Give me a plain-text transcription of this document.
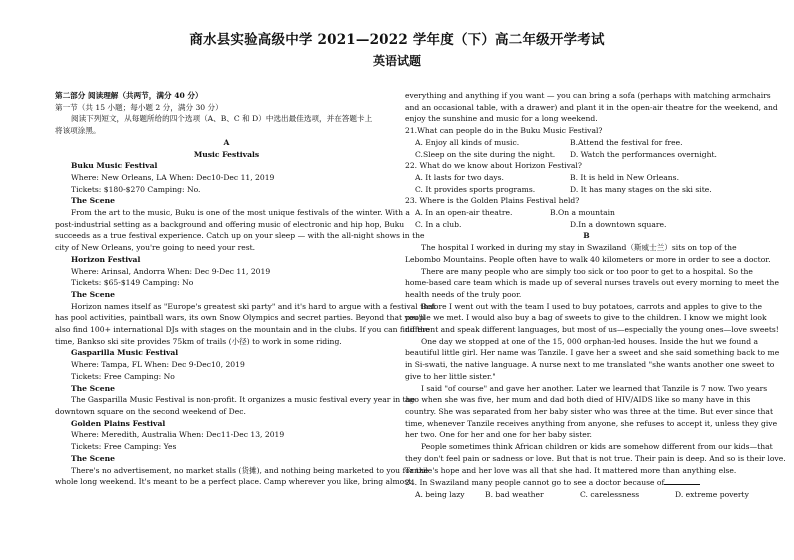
商水县实验高级中学 2021—2022 学年度（下）高二年级开学考试
英语试题
第二部分 阅读理解（共两节，满分 40 分）
第一节（共 15 小题；每小题 2 分，满分 30 分）
阅读下列短文，从每题所给的四个选项（A、B、C 和 D）中选出最佳选项，并在答题卡上
将该项涂黑。
A
Music Festivals
Buku Music Festival
Where: New Orleans, LA When: Dec10-Dec 11, 2019
Tickets: $180-$270 Camping: No.
The Scene
From the art to the music, Buku is one of the most unique festivals of the winter. With a
post-industrial setting as a background and offering music of electronic and hip hop, Buku
succeeds as a true festival experience. Catch up on your sleep — with the all-night shows in the
city of New Orleans, you're going to need your rest.
Horizon Festival
Where: Arinsal, Andorra When: Dec 9-Dec 11, 2019
Tickets: $65-$149 Camping: No
The Scene
Horizon names itself as "Europe's greatest ski party" and it's hard to argue with a festival that
has pool activities, paintball wars, its own Snow Olympics and secret parties. Beyond that you'll
also find 100+ international DJs with stages on the mountain and in the clubs. If you can find the
time, Bankso ski site provides 75km of trails (小径) to work in some riding.
Gasparilla Music Festival
Where: Tampa, FL When: Dec 9-Dec10, 2019
Tickets: Free Camping: No
The Scene
The Gasparilla Music Festival is non-profit. It organizes a music festival every year in the
downtown square on the second weekend of Dec.
Golden Plains Festival
Where: Meredith, Australia When: Dec11-Dec 13, 2019
Tickets: Free Camping: Yes
The Scene
There's no advertisement, no market stalls (货摊), and nothing being marketed to you for the
whole long weekend. It's meant to be a perfect place. Camp wherever you like, bring almost
everything and anything if you want — you can bring a sofa (perhaps with matching armchairs
and an occasional table, with a drawer) and plant it in the open-air theatre for the weekend, and
enjoy the sunshine and music for a long weekend.
21.What can people do in the Buku Music Festival?
A. Enjoy all kinds of music.	B.Attend the festival for free.
C.Sleep on the site during the night.	D. Watch the performances overnight.
22. What do we know about Horizon Festival?
A. It lasts for two days.	B. It is held in New Orleans.
C. It provides sports programs.	D. It has many stages on the ski site.
23. Where is the Golden Plains Festival held?
A. In an open-air theatre.	B.On a mountain
C. In a club.	D.In a downtown square.
B
The hospital I worked in during my stay in Swaziland（斯威士兰）sits on top of the
Lebombo Mountains. People often have to walk 40 kilometers or more in order to see a doctor.
There are many people who are simply too sick or too poor to get to a hospital. So the
home-based care team which is made up of several nurses travels out every morning to meet the
health needs of the truly poor.
Before I went out with the team I used to buy potatoes, carrots and apples to give to the
people we met. I would also buy a bag of sweets to give to the children. I know we might look
different and speak different languages, but most of us—especially the young ones—love sweets!
One day we stopped at one of the 15, 000 orphan-led houses. Inside the hut we found a
beautiful little girl. Her name was Tanzile. I gave her a sweet and she said something back to me
in Si-swati, the native language. A nurse next to me translated "she wants another one sweet to
give to her little sister."
I said "of course" and gave her another. Later we learned that Tanzile is 7 now. Two years
ago when she was five, her mum and dad both died of HIV/AIDS like so many have in this
country. She was separated from her baby sister who was three at the time. But ever since that
time, whenever Tanzile receives anything from anyone, she refuses to accept it, unless they give
her two. One for her and one for her baby sister.
People sometimes think African children or kids are somehow different from our kids—that
they don't feel pain or sadness or love. But that is not true. Their pain is deep. And so is their love.
Tanzile's hope and her love was all that she had. It mattered more than anything else.
24. In Swaziland many people cannot go to see a doctor because of
A. being lazy	B. bad weather	C. carelessness	D. extreme poverty
